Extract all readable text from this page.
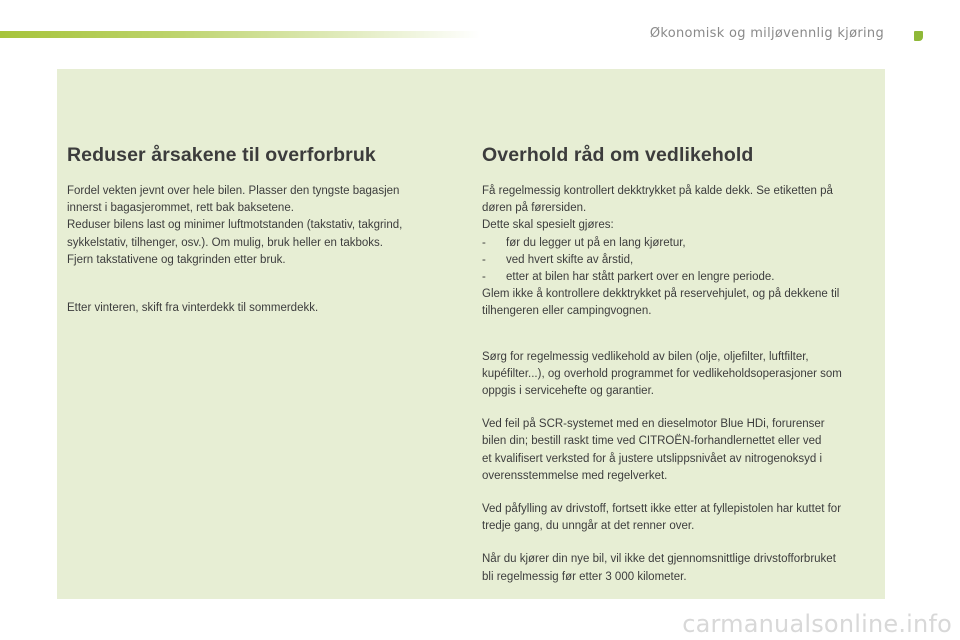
Økonomisk og miljøvennlig kjøring
Reduser årsakene til overforbruk

Fordel vekten jevnt over hele bilen. Plasser den tyngste bagasjen
innerst i bagasjerommet, rett bak baksetene.
Reduser bilens last og minimer luftmotstanden (takstativ, takgrind,
sykkelstativ, tilhenger, osv.). Om mulig, bruk heller en takboks.
Fjern takstativene og takgrinden etter bruk.

Etter vinteren, skift fra vinterdekk til sommerdekk.

Overhold råd om vedlikehold

Få regelmessig kontrollert dekktrykket på kalde dekk. Se etiketten på
døren på førersiden.
Dette skal spesielt gjøres:

-	før du legger ut på en lang kjøretur,

-	ved hvert skifte av årstid,

-	etter at bilen har stått parkert over en lengre periode.

Glem ikke å kontrollere dekktrykket på reservehjulet, og på dekkene til
tilhengeren eller campingvognen.

Sørg for regelmessig vedlikehold av bilen (olje, oljefilter, luftfilter,
kupéfilter...), og overhold programmet for vedlikeholdsoperasjoner som
oppgis i servicehefte og garantier.

Ved feil på SCR-systemet med en dieselmotor Blue HDi, forurenser
bilen din; bestill raskt time ved CITROËN-forhandlernettet eller ved
et kvalifisert verksted for å justere utslippsnivået av nitrogenoksyd i
overensstemmelse med regelverket.

Ved påfylling av drivstoff, fortsett ikke etter at fyllepistolen har kuttet for
tredje gang, du unngår at det renner over.

Når du kjører din nye bil, vil ikke det gjennomsnittlige drivstofforbruket
bli regelmessig før etter 3 000 kilometer.

carmanualsonline.info
